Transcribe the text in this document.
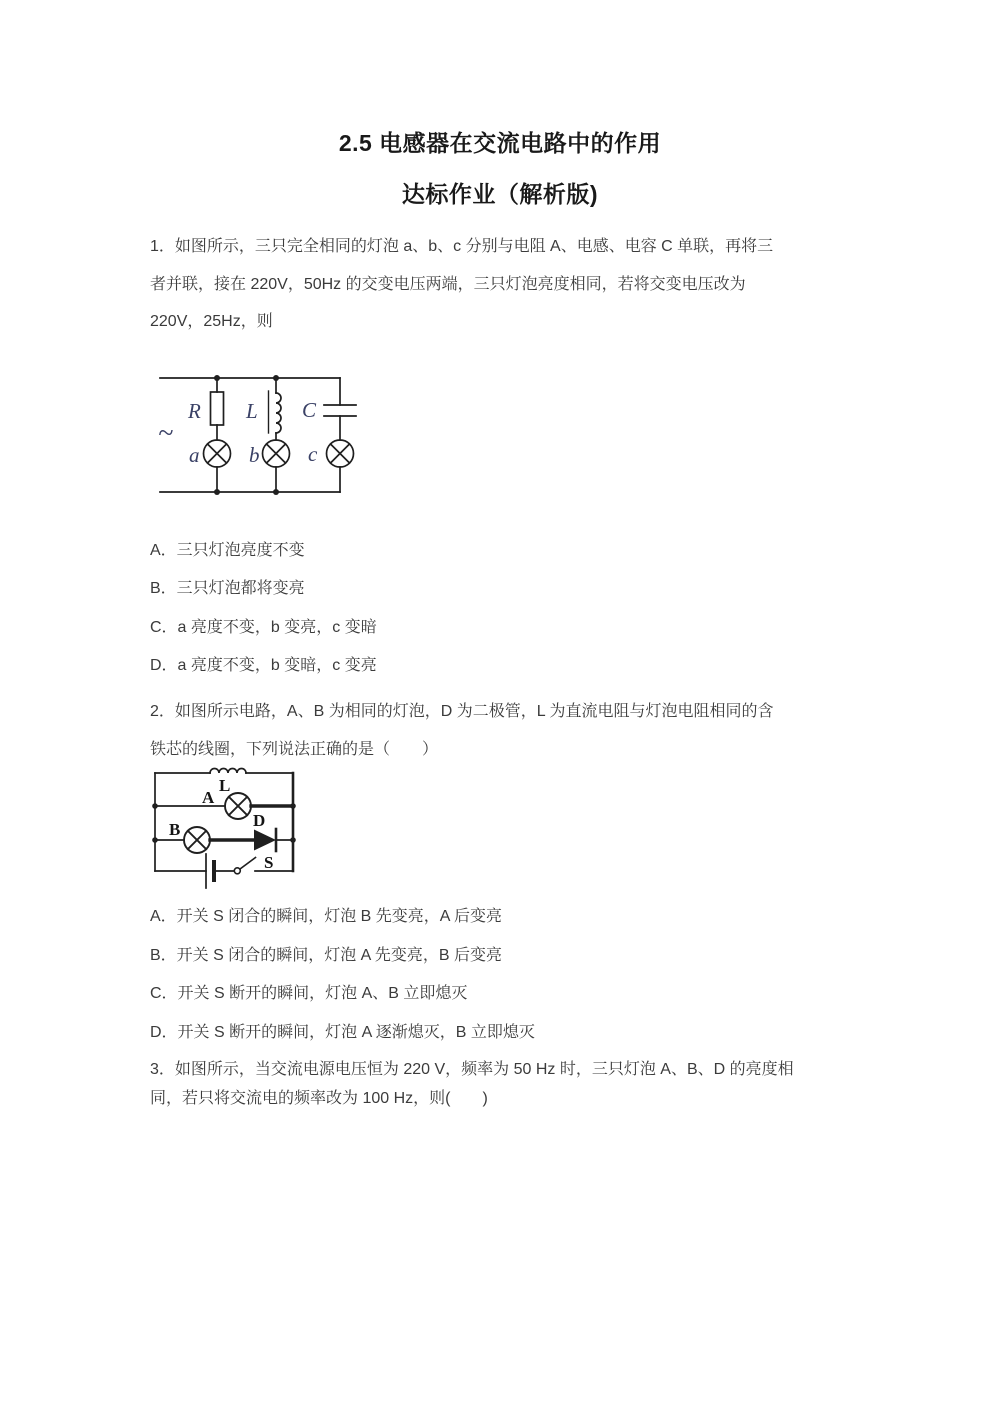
2.5 电感器在交流电路中的作用
达标作业（解析版)
1．如图所示，三只完全相同的灯泡 a、b、c 分别与电阻 A、电感、电容 C 单联，再将三
者并联，接在 220V，50Hz 的交变电压两端，三只灯泡亮度相同，若将交变电压改为
220V，25Hz，则
~
R L C
a b c
A．三只灯泡亮度不变
B．三只灯泡都将变亮
C．a 亮度不变，b 变亮，c 变暗
D．a 亮度不变，b 变暗，c 变亮
2．如图所示电路，A、B 为相同的灯泡，D 为二极管，L 为直流电阻与灯泡电阻相同的含
铁芯的线圈，下列说法正确的是（　　）
L
A
B	D
S
A．开关 S 闭合的瞬间，灯泡 B 先变亮，A 后变亮
B．开关 S 闭合的瞬间，灯泡 A 先变亮，B 后变亮
C．开关 S 断开的瞬间，灯泡 A、B 立即熄灭
D．开关 S 断开的瞬间，灯泡 A 逐渐熄灭，B 立即熄灭
3．如图所示，当交流电源电压恒为 220 V，频率为 50 Hz 时，三只灯泡 A、B、D 的亮度相
同，若只将交流电的频率改为 100 Hz，则(　　)
